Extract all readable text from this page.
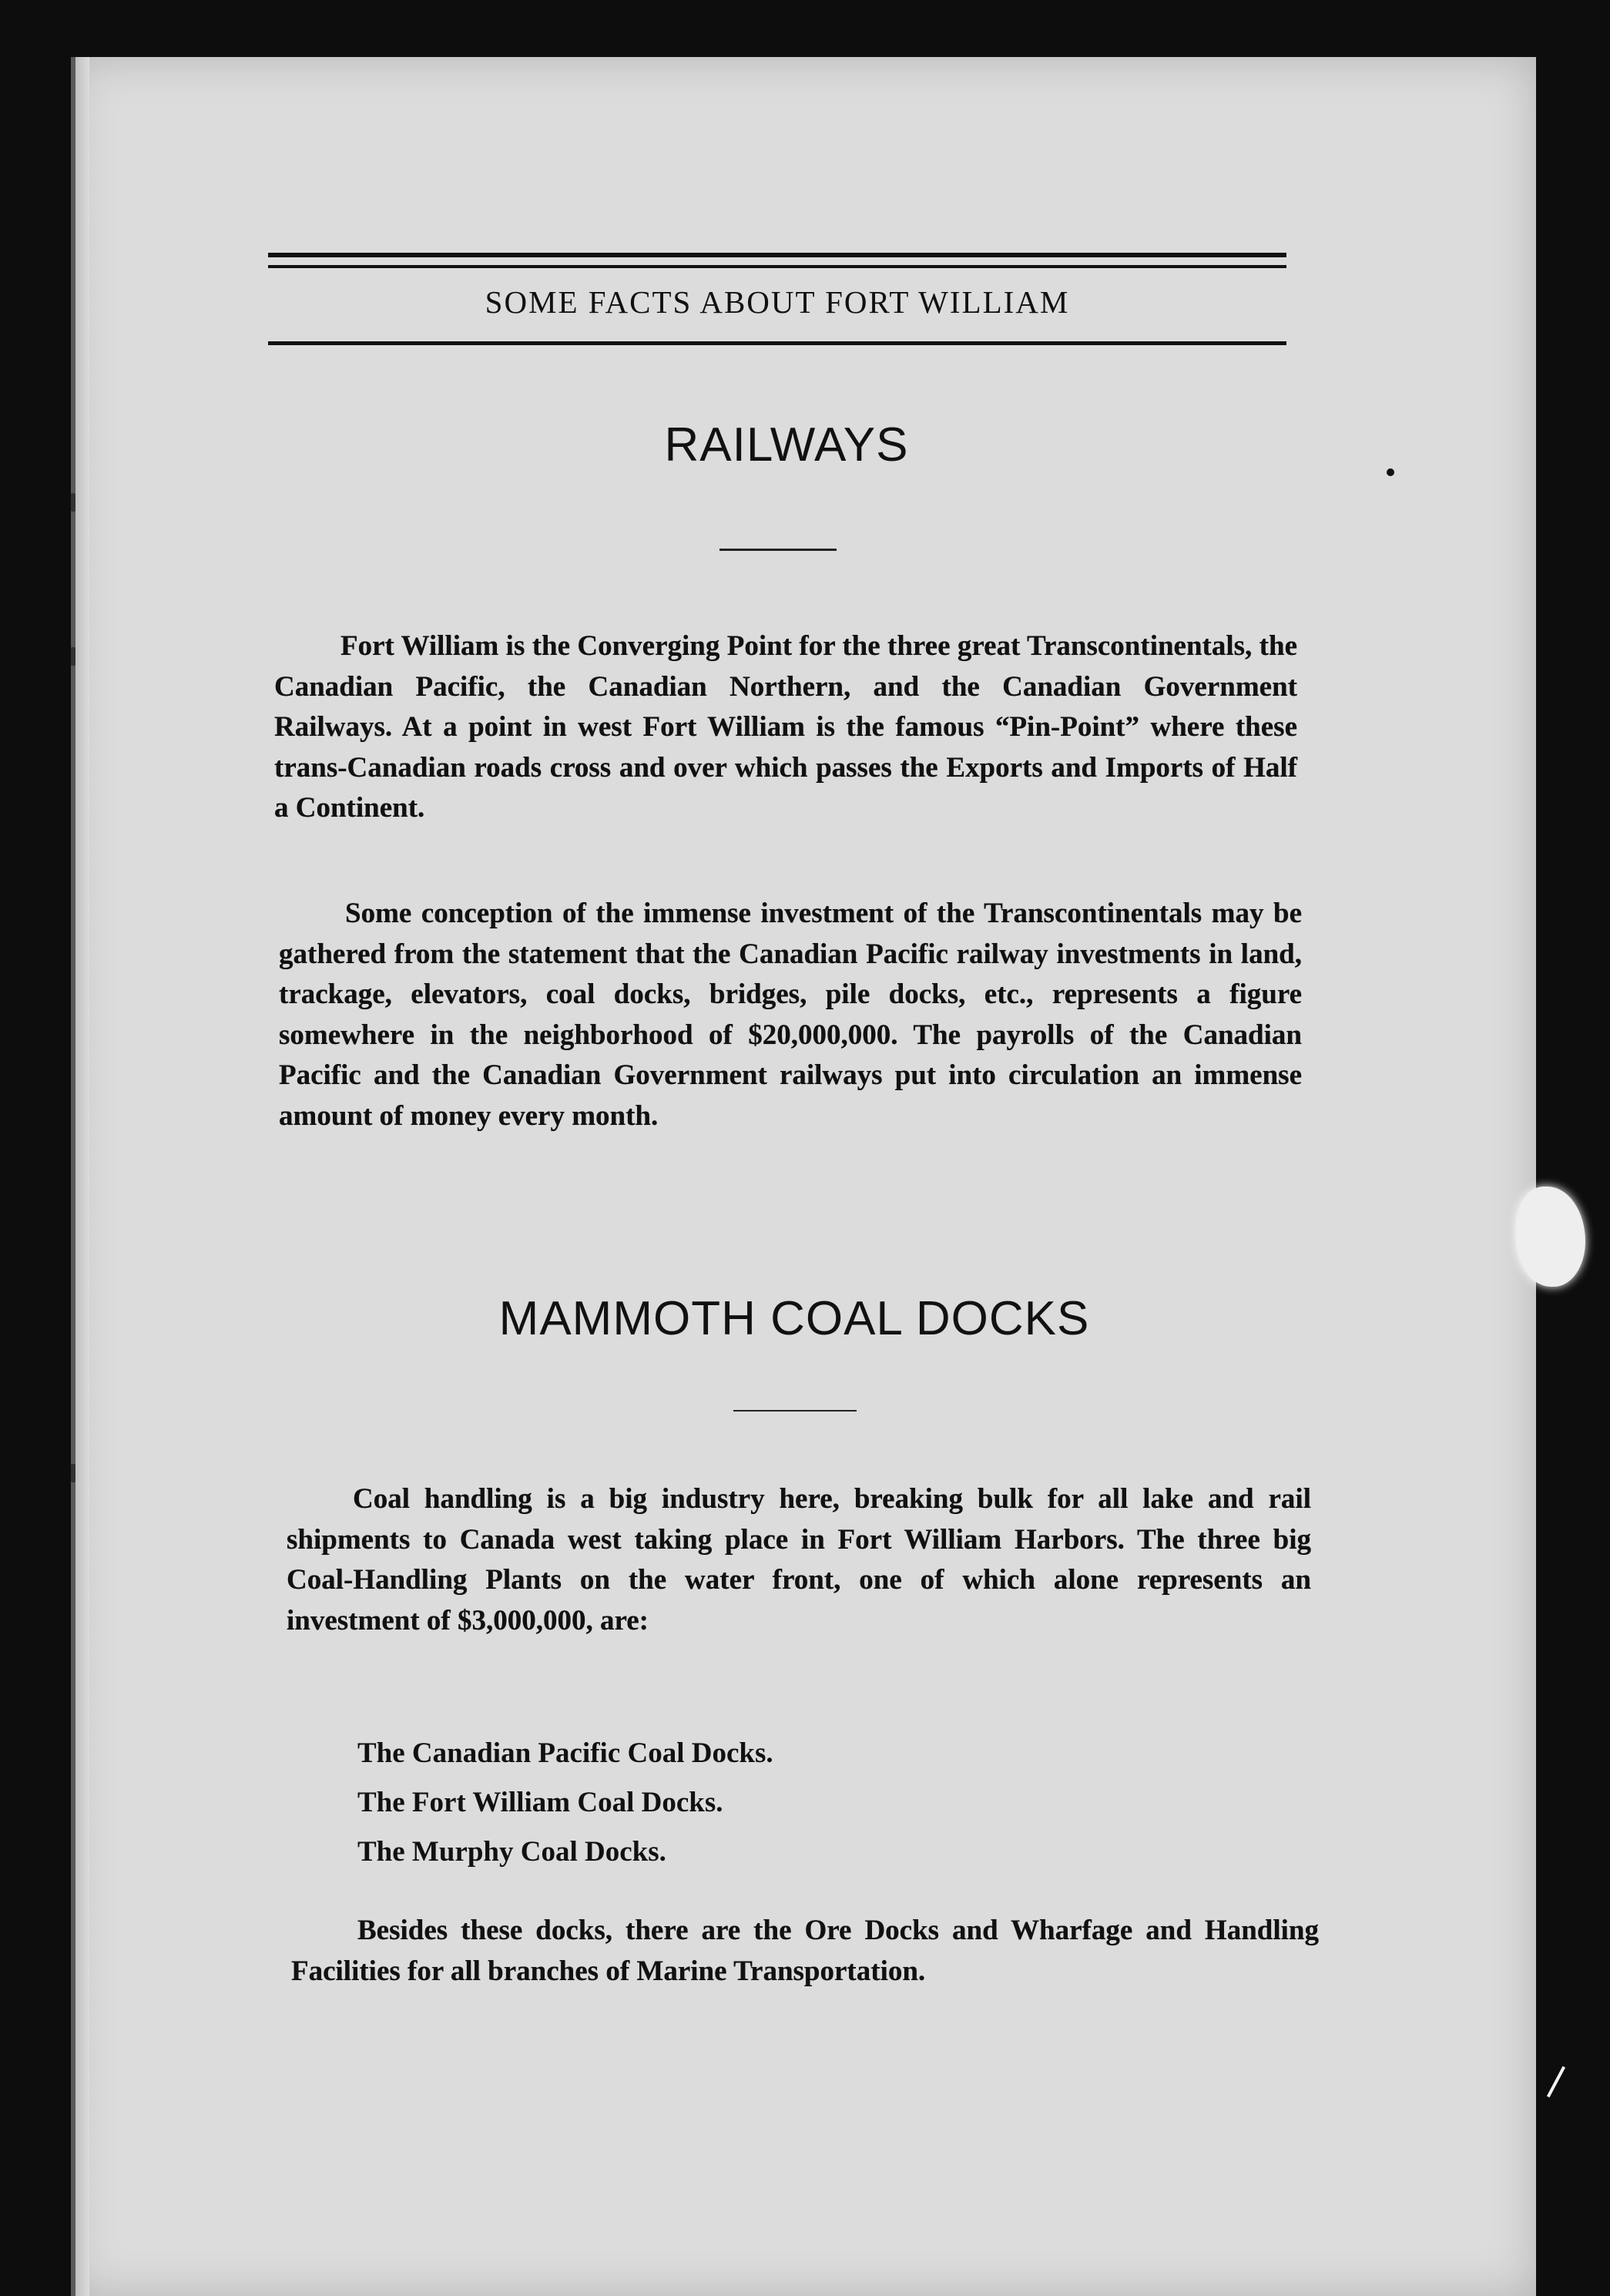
SOME FACTS ABOUT FORT WILLIAM
RAILWAYS

Fort William is the Converging Point for the three great Transcontinentals, the Canadian Pacific, the Canadian Northern, and the Canadian Government Railways. At a point in west Fort William is the famous “Pin-Point” where these trans-Canadian roads cross and over which passes the Exports and Imports of Half a Continent.

Some conception of the immense investment of the Transcontinentals may be gathered from the statement that the Canadian Pacific railway investments in land, trackage, elevators, coal docks, bridges, pile docks, etc., represents a figure somewhere in the neighborhood of $20,000,000. The payrolls of the Canadian Pacific and the Canadian Government railways put into circulation an immense amount of money every month.

MAMMOTH COAL DOCKS

Coal handling is a big industry here, breaking bulk for all lake and rail shipments to Canada west taking place in Fort William Harbors. The three big Coal-Handling Plants on the water front, one of which alone represents an investment of $3,000,000, are:

The Canadian Pacific Coal Docks.
The Fort William Coal Docks.
The Murphy Coal Docks.

Besides these docks, there are the Ore Docks and Wharfage and Handling Facilities for all branches of Marine Transportation.
